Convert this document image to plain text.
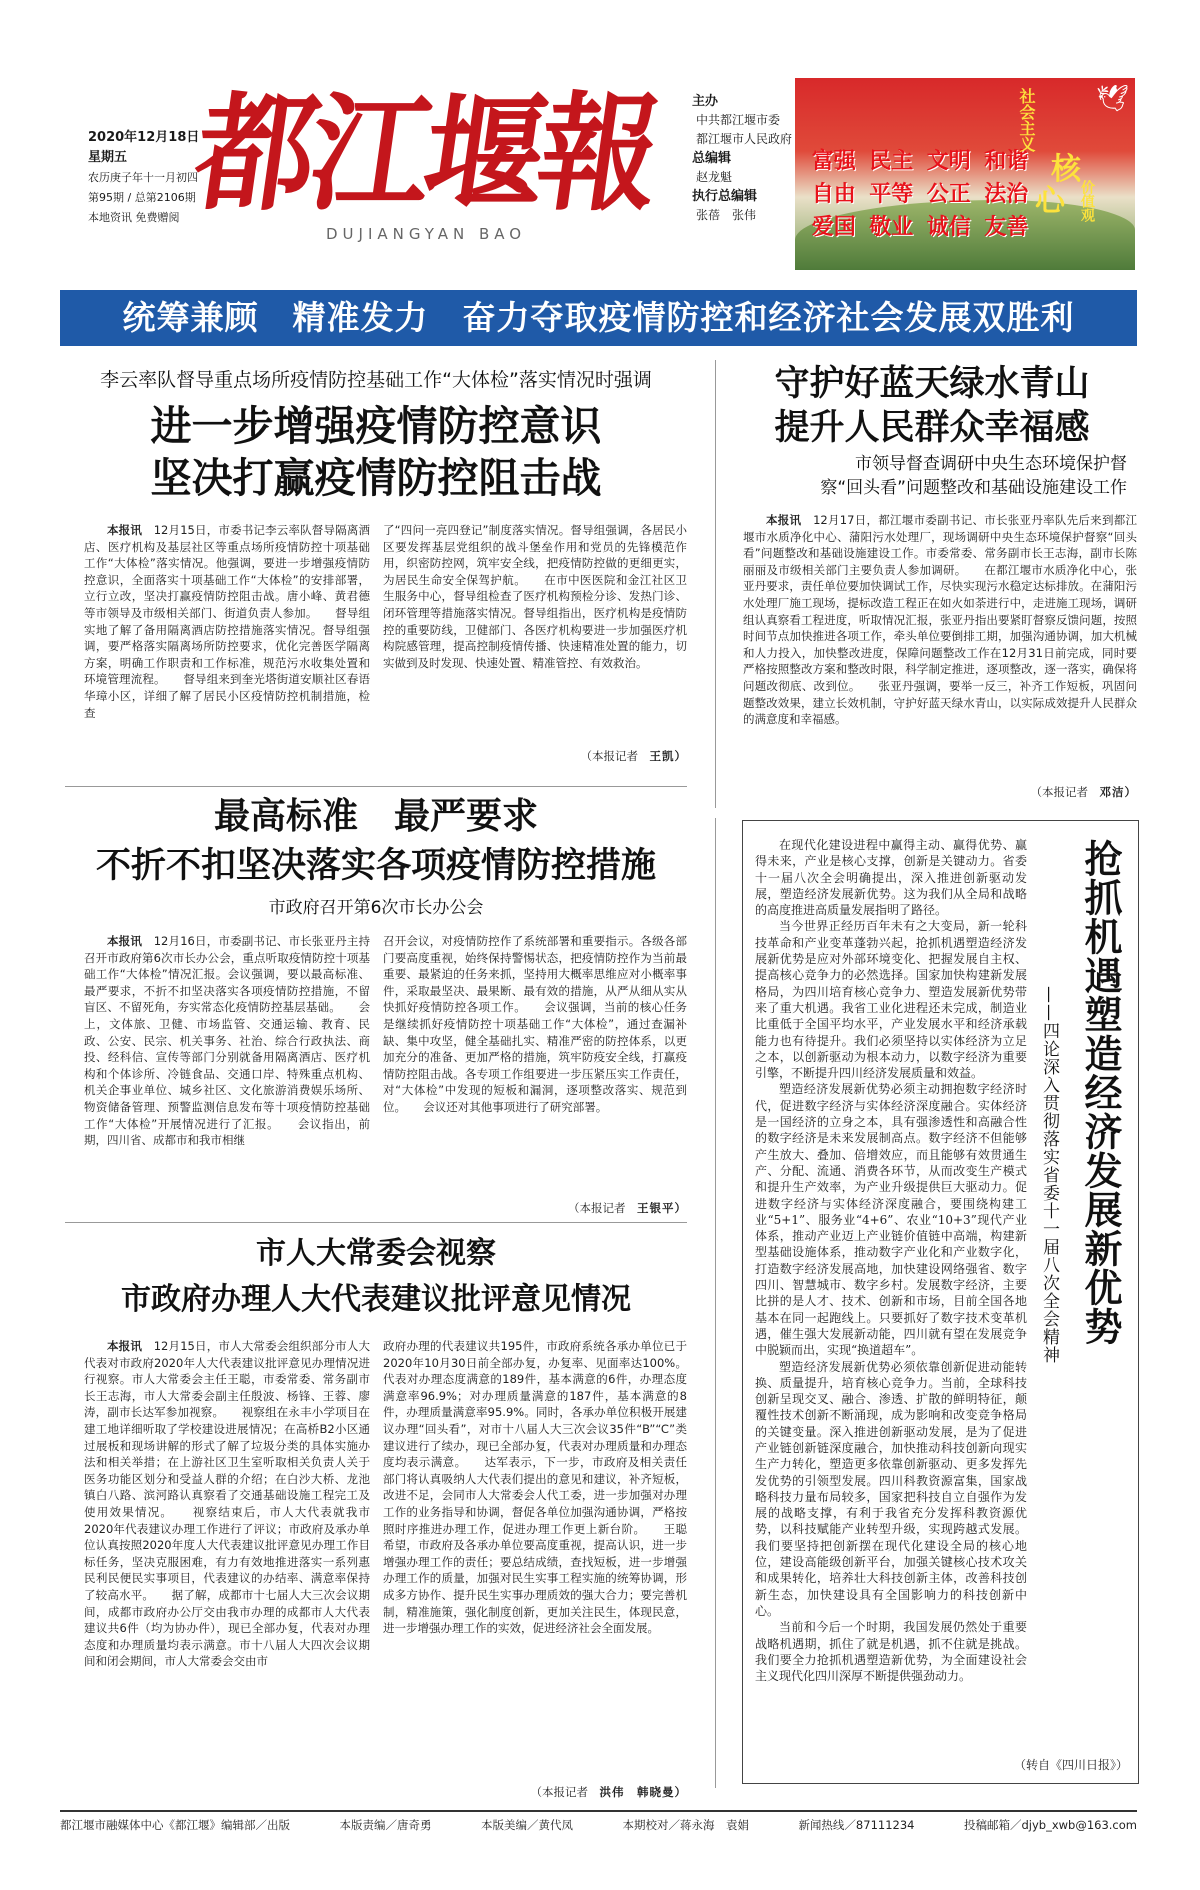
2020年12月18日
星期五
农历庚子年十一月初四
第95期 / 总第2106期
本地资讯 免费赠阅 都江堰報
DUJIANGYAN BAO
主办
中共都江堰市委
都江堰市人民政府
总编辑
赵龙魁
执行总编辑
张蓓　张伟
富强 民主 文明 和谐
自由 平等 公正 法治
爱国 敬业 诚信 友善
社会主义
核
心 价值观
🕊
统筹兼顾　精准发力　奋力夺取疫情防控和经济社会发展双胜利
李云率队督导重点场所疫情防控基础工作“大体检”落实情况时强调
进一步增强疫情防控意识
坚决打赢疫情防控阻击战

本报讯　 12月15日，市委书记李云率队督导隔离酒店、医疗机构及基层社区等重点场所疫情防控十项基础工作“大体检”落实情况。他强调，要进一步增强疫情防控意识，全面落实十项基础工作“大体检”的安排部署，立行立改，坚决打赢疫情防控阻击战。唐小峰、黄君德等市领导及市级相关部门、街道负责人参加。　　督导组实地了解了备用隔离酒店防控措施落实情况。督导组强调，要严格落实隔离场所防控要求，优化完善医学隔离方案，明确工作职责和工作标准，规范污水收集处置和环境管理流程。　　督导组来到奎光塔街道安顺社区春语华璋小区，详细了解了居民小区疫情防控机制措施，检查

了“四问一亮四登记”制度落实情况。督导组强调，各居民小区要发挥基层党组织的战斗堡垒作用和党员的先锋模范作用，织密防控网，筑牢安全线，把疫情防控做的更细更实，为居民生命安全保驾护航。　　在市中医医院和金江社区卫生服务中心，督导组检查了医疗机构预检分诊、发热门诊、闭环管理等措施落实情况。督导组指出，医疗机构是疫情防控的重要防线，卫健部门、各医疗机构要进一步加强医疗机构院感管理，提高控制疫情传播、快速精准处置的能力，切实做到及时发现、快速处置、精准管控、有效救治。

（本报记者　 王凯）
守护好蓝天绿水青山
提升人民群众幸福感
市领导督查调研中央生态环境保护督
察“回头看”问题整改和基础设施建设工作

本报讯　 12月17日，都江堰市委副书记、市长张亚丹率队先后来到都江堰市水质净化中心、蒲阳污水处理厂，现场调研中央生态环境保护督察“回头看”问题整改和基础设施建设工作。市委常委、常务副市长王志海，副市长陈丽丽及市级相关部门主要负责人参加调研。　　在都江堰市水质净化中心，张亚丹要求，责任单位要加快调试工作，尽快实现污水稳定达标排放。在蒲阳污水处理厂施工现场，提标改造工程正在如火如荼进行中，走进施工现场，调研组认真察看工程进度，听取情况汇报，张亚丹指出要紧盯督察反馈问题，按照时间节点加快推进各项工作，牵头单位要倒排工期，加强沟通协调，加大机械和人力投入，加快整改进度，保障问题整改工作在12月31日前完成，同时要严格按照整改方案和整改时限，科学制定推进，逐项整改，逐一落实，确保将问题改彻底、改到位。　　张亚丹强调，要举一反三，补齐工作短板，巩固问题整改效果，建立长效机制，守护好蓝天绿水青山，以实际成效提升人民群众的满意度和幸福感。

（本报记者　 邓洁）
最高标准　最严要求
不折不扣坚决落实各项疫情防控措施
市政府召开第6次市长办公会

本报讯　 12月16日，市委副书记、市长张亚丹主持召开市政府第6次市长办公会，重点听取疫情防控十项基础工作“大体检”情况汇报。会议强调，要以最高标准、最严要求，不折不扣坚决落实各项疫情防控措施，不留盲区、不留死角，夯实常态化疫情防控基层基础。　　会上，文体旅、卫健、市场监管、交通运输、教育、民政、公安、民宗、机关事务、社治、综合行政执法、商投、经科信、宣传等部门分别就备用隔离酒店、医疗机构和个体诊所、冷链食品、交通口岸、特殊重点机构、机关企事业单位、城乡社区、文化旅游消费娱乐场所、物资储备管理、预警监测信息发布等十项疫情防控基础工作“大体检”开展情况进行了汇报。　　会议指出，前期，四川省、成都市和我市相继

召开会议，对疫情防控作了系统部署和重要指示。各级各部门要高度重视，始终保持警惕状态，把疫情防控作为当前最重要、最紧迫的任务来抓，坚持用大概率思维应对小概率事件，采取最坚决、最果断、最有效的措施，从严从细从实从快抓好疫情防控各项工作。　　会议强调，当前的核心任务是继续抓好疫情防控十项基础工作“大体检”，通过查漏补缺、集中攻坚，健全基础扎实、精准严密的防控体系，以更加充分的准备、更加严格的措施，筑牢防疫安全线，打赢疫情防控阻击战。各专项工作组要进一步压紧压实工作责任，对“大体检”中发现的短板和漏洞，逐项整改落实、规范到位。　　会议还对其他事项进行了研究部署。

（本报记者　 王银平）
市人大常委会视察
市政府办理人大代表建议批评意见情况

本报讯　 12月15日，市人大常委会组织部分市人大代表对市政府2020年人大代表建议批评意见办理情况进行视察。市人大常委会主任王聪，市委常委、常务副市长王志海，市人大常委会副主任殷波、杨锋、王蓉、廖涛，副市长达军参加视察。　　视察组在永丰小学项目在建工地详细听取了学校建设进展情况；在高桥B2小区通过展板和现场讲解的形式了解了垃圾分类的具体实施办法和相关举措；在上游社区卫生室听取相关负责人关于医务功能区划分和受益人群的介绍；在白沙大桥、龙池镇白八路、滨河路认真察看了交通基础设施工程完工及使用效果情况。　　视察结束后，市人大代表就我市2020年代表建议办理工作进行了评议；市政府及承办单位认真按照2020年度人大代表建议批评意见办理工作目标任务，坚决克服困难，有力有效地推进落实一系列惠民利民便民实事项目，代表建议的办结率、满意率保持了较高水平。　　据了解，成都市十七届人大三次会议期间，成都市政府办公厅交由我市办理的成都市人大代表建议共6件（均为协办件），现已全部办复，代表对办理态度和办理质量均表示满意。市十八届人大四次会议期间和闭会期间，市人大常委会交由市

政府办理的代表建议共195件，市政府系统各承办单位已于2020年10月30日前全部办复，办复率、见面率达100%。代表对办理态度满意的189件，基本满意的6件，办理态度满意率96.9%；对办理质量满意的187件，基本满意的8件，办理质量满意率95.9%。同时，各承办单位积极开展建议办理“回头看”，对市十八届人大三次会议35件“B”“C”类建议进行了续办，现已全部办复，代表对办理质量和办理态度均表示满意。　　达军表示，下一步，市政府及相关责任部门将认真吸纳人大代表们提出的意见和建议，补齐短板，改进不足，会同市人大常委会人代工委，进一步加强对办理工作的业务指导和协调，督促各单位加强沟通协调，严格按照时序推进办理工作，促进办理工作更上新台阶。　　王聪希望，市政府及各承办单位要高度重视，提高认识，进一步增强办理工作的责任；要总结成绩，查找短板，进一步增强办理工作的质量，加强对民生实事工程实施的统筹协调，形成多方协作、提升民生实事办理质效的强大合力；要完善机制，精准施策，强化制度创新，更加关注民生，体现民意，进一步增强办理工作的实效，促进经济社会全面发展。

（本报记者　 洪伟　韩晓曼）

在现代化建设进程中赢得主动、赢得优势、赢得未来，产业是核心支撑，创新是关键动力。省委十一届八次全会明确提出，深入推进创新驱动发展，塑造经济发展新优势。这为我们从全局和战略的高度推进高质量发展指明了路径。

当今世界正经历百年未有之大变局，新一轮科技革命和产业变革蓬勃兴起，抢抓机遇塑造经济发展新优势是应对外部环境变化、把握发展自主权、提高核心竞争力的必然选择。国家加快构建新发展格局，为四川培育核心竞争力、塑造发展新优势带来了重大机遇。我省工业化进程还未完成，制造业比重低于全国平均水平，产业发展水平和经济承载能力也有待提升。我们必须坚持以实体经济为立足之本，以创新驱动为根本动力，以数字经济为重要引擎，不断提升四川经济发展质量和效益。

塑造经济发展新优势必须主动拥抱数字经济时代，促进数字经济与实体经济深度融合。实体经济是一国经济的立身之本，具有强渗透性和高融合性的数字经济是未来发展制高点。数字经济不但能够产生放大、叠加、倍增效应，而且能够有效贯通生产、分配、流通、消费各环节，从而改变生产模式和提升生产效率，为产业升级提供巨大驱动力。促进数字经济与实体经济深度融合，要围绕构建工业“5+1”、服务业“4+6”、农业“10+3”现代产业体系，推动产业迈上产业链价值链中高端，构建新型基础设施体系，推动数字产业化和产业数字化，打造数字经济发展高地，加快建设网络强省、数字四川、智慧城市、数字乡村。发展数字经济，主要比拼的是人才、技术、创新和市场，目前全国各地基本在同一起跑线上。只要抓好了数字技术变革机遇，催生强大发展新动能，四川就有望在发展竞争中脱颖而出，实现“换道超车”。

塑造经济发展新优势必须依靠创新促进动能转换、质量提升，培育核心竞争力。当前，全球科技创新呈现交叉、融合、渗透、扩散的鲜明特征，颠覆性技术创新不断涌现，成为影响和改变竞争格局的关键变量。深入推进创新驱动发展，是为了促进产业链创新链深度融合，加快推动科技创新向现实生产力转化，塑造更多依靠创新驱动、更多发挥先发优势的引领型发展。四川科教资源富集，国家战略科技力量布局较多，国家把科技自立自强作为发展的战略支撑，有利于我省充分发挥科教资源优势，以科技赋能产业转型升级，实现跨越式发展。我们要坚持把创新摆在现代化建设全局的核心地位，建设高能级创新平台，加强关键核心技术攻关和成果转化，培养壮大科技创新主体，改善科技创新生态，加快建设具有全国影响力的科技创新中心。

当前和今后一个时期，我国发展仍然处于重要战略机遇期，抓住了就是机遇，抓不住就是挑战。我们要全力抢抓机遇塑造新优势，为全面建设社会主义现代化四川深厚不断提供强劲动力。

抢抓机遇塑造经济发展新优势
——四论深入贯彻落实省委十一届八次全会精神
（转自《四川日报》）
都江堰市融媒体中心《都江堰》编辑部／出版	本版责编／唐奇勇	本版美编／黄代凤	本期校对／蒋永海　袁娟	新闻热线／87111234	投稿邮箱／djyb_xwb@163.com
